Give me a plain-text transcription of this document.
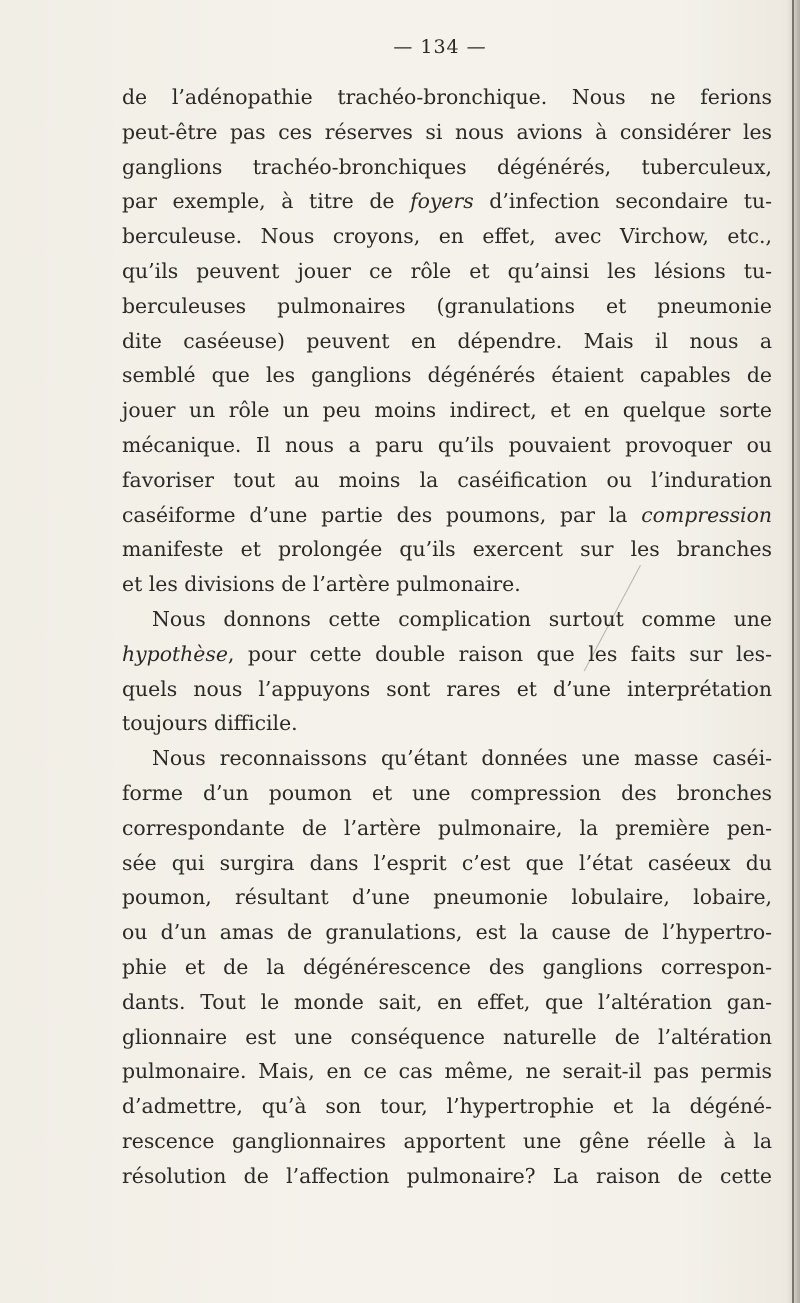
— 134 —
de l’adénopathie trachéo-bronchique. Nous ne ferions
peut-être pas ces réserves si nous avions à considérer les
ganglions trachéo-bronchiques dégénérés, tuberculeux,
par exemple, à titre de foyers d’infection secondaire tu-
berculeuse. Nous croyons, en effet, avec Virchow, etc.,
qu’ils peuvent jouer ce rôle et qu’ainsi les lésions tu-
berculeuses pulmonaires (granulations et pneumonie
dite caséeuse) peuvent en dépendre. Mais il nous a
semblé que les ganglions dégénérés étaient capables de
jouer un rôle un peu moins indirect, et en quelque sorte
mécanique. Il nous a paru qu’ils pouvaient provoquer ou
favoriser tout au moins la caséification ou l’induration
caséiforme d’une partie des poumons, par la compression
manifeste et prolongée qu’ils exercent sur les branches
et les divisions de l’artère pulmonaire.
Nous donnons cette complication surtout comme une
hypothèse, pour cette double raison que les faits sur les-
quels nous l’appuyons sont rares et d’une interprétation
toujours difficile.
Nous reconnaissons qu’étant données une masse caséi-
forme d’un poumon et une compression des bronches
correspondante de l’artère pulmonaire, la première pen-
sée qui surgira dans l’esprit c’est que l’état caséeux du
poumon, résultant d’une pneumonie lobulaire, lobaire,
ou d’un amas de granulations, est la cause de l’hypertro-
phie et de la dégénérescence des ganglions correspon-
dants. Tout le monde sait, en effet, que l’altération gan-
glionnaire est une conséquence naturelle de l’altération
pulmonaire. Mais, en ce cas même, ne serait-il pas permis
d’admettre, qu’à son tour, l’hypertrophie et la dégéné-
rescence ganglionnaires apportent une gêne réelle à la
résolution de l’affection pulmonaire? La raison de cette
